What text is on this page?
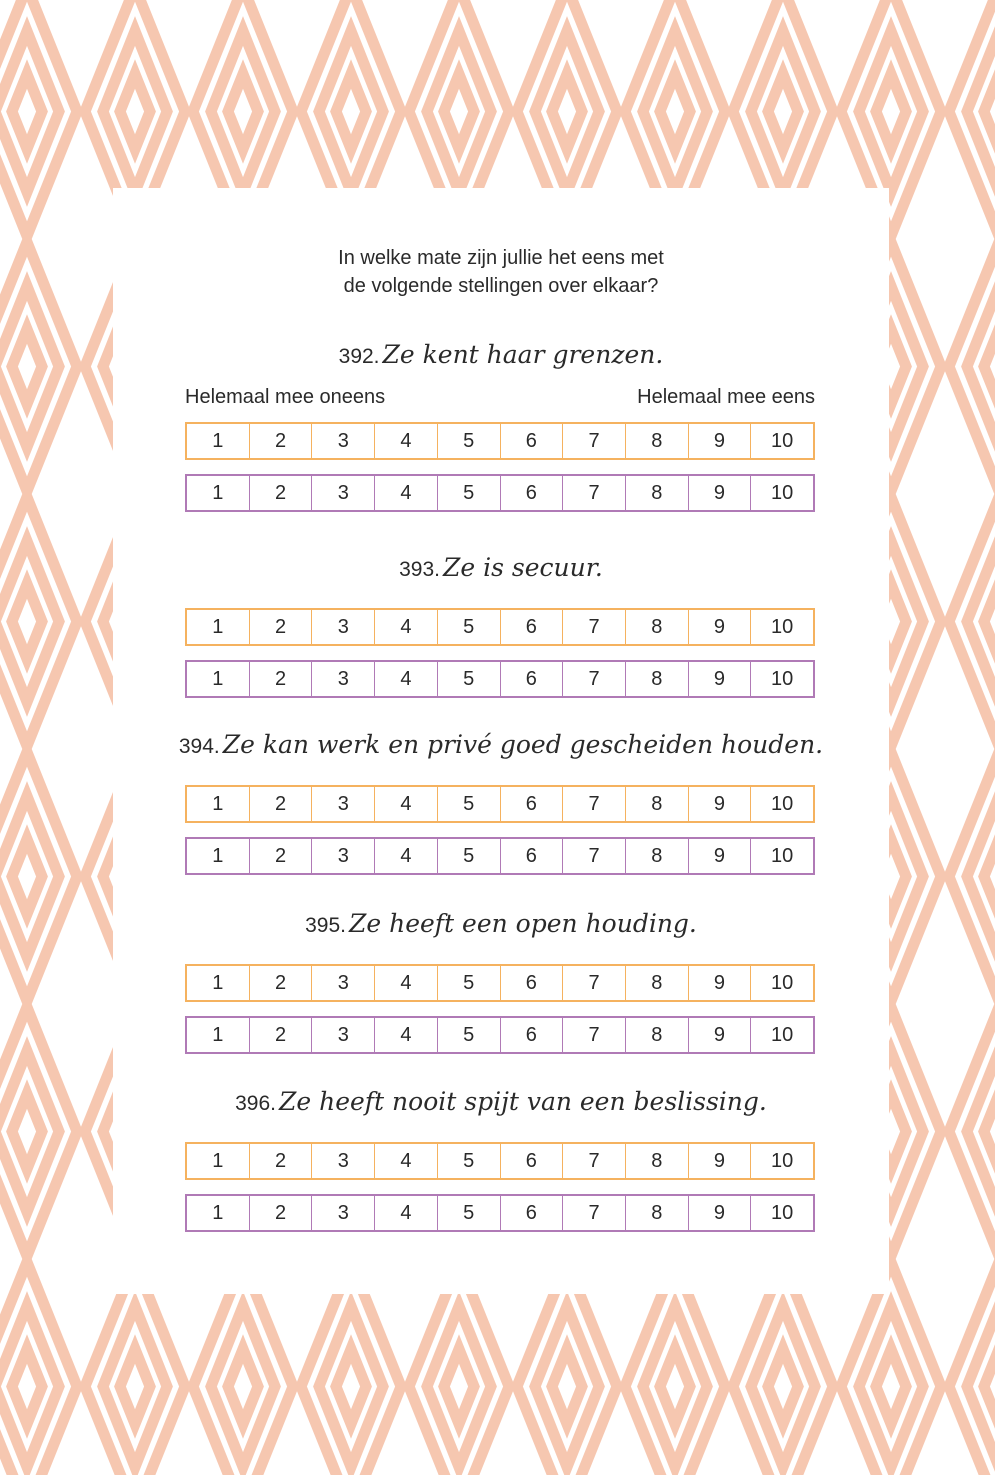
In welke mate zijn jullie het eens met
de volgende stellingen over elkaar?
Helemaal mee oneens	Helemaal mee eens
392. Ze kent haar grenzen.
1	2	3	4	5	6	7	8	9	10
1	2	3	4	5	6	7	8	9	10
393. Ze is secuur.
1	2	3	4	5	6	7	8	9	10
1	2	3	4	5	6	7	8	9	10
394. Ze kan werk en privé goed gescheiden houden.
1	2	3	4	5	6	7	8	9	10
1	2	3	4	5	6	7	8	9	10
395. Ze heeft een open houding.
1	2	3	4	5	6	7	8	9	10
1	2	3	4	5	6	7	8	9	10
396. Ze heeft nooit spijt van een beslissing.
1	2	3	4	5	6	7	8	9	10
1	2	3	4	5	6	7	8	9	10
